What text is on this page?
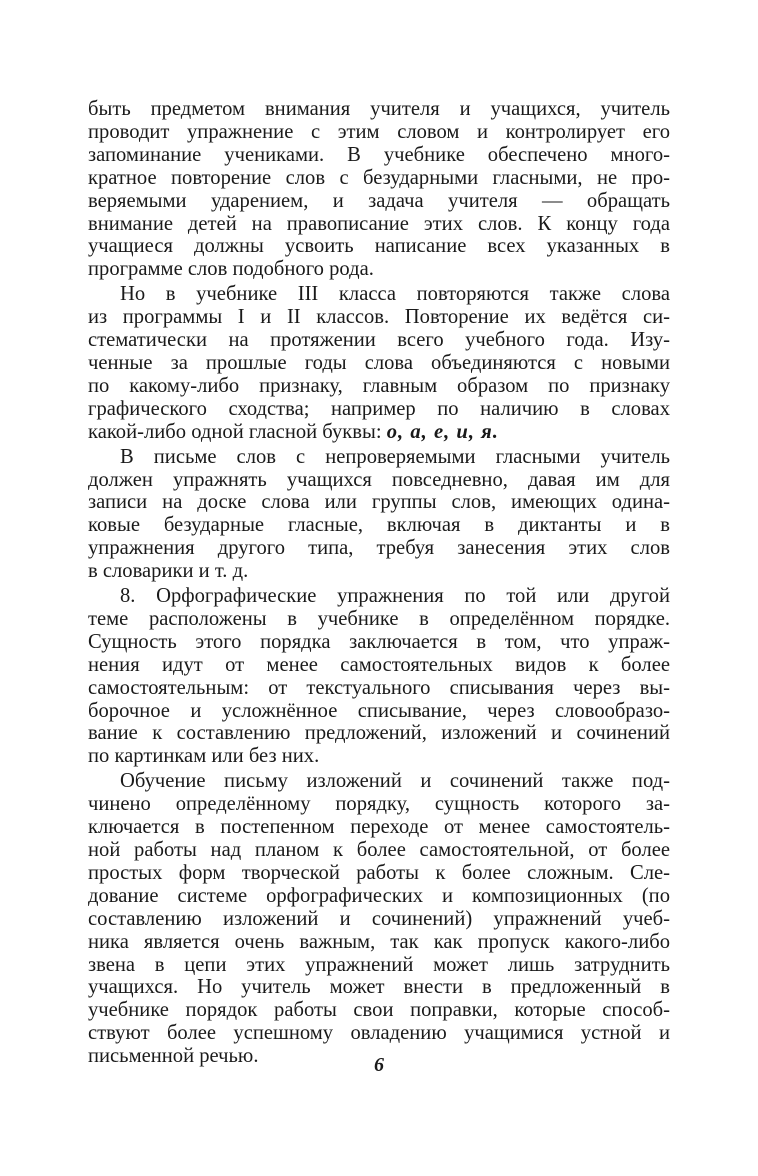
быть предметом внимания учителя и учащихся, учитель
проводит упражнение с этим словом и контролирует его
запоминание учениками. В учебнике обеспечено много-
кратное повторение слов с безударными гласными, не про-
веряемыми ударением, и задача учителя — обращать
внимание детей на правописание этих слов. К концу года
учащиеся должны усвоить написание всех указанных в
программе слов подобного рода.
Но в учебнике III класса повторяются также слова
из программы I и II классов. Повторение их ведётся си-
стематически на протяжении всего учебного года. Изу-
ченные за прошлые годы слова объединяются с новыми
по какому-либо признаку, главным образом по признаку
графического сходства; например по наличию в словах
какой-либо одной гласной буквы: о, а, е, и, я.
В письме слов с непроверяемыми гласными учитель
должен упражнять учащихся повседневно, давая им для
записи на доске слова или группы слов, имеющих одина-
ковые безударные гласные, включая в диктанты и в
упражнения другого типа, требуя занесения этих слов
в словарики и т. д.
8. Орфографические упражнения по той или другой
теме расположены в учебнике в определённом порядке.
Сущность этого порядка заключается в том, что упраж-
нения идут от менее самостоятельных видов к более
самостоятельным: от текстуального списывания через вы-
борочное и усложнённое списывание, через словообразо-
вание к составлению предложений, изложений и сочинений
по картинкам или без них.
Обучение письму изложений и сочинений также под-
чинено определённому порядку, сущность которого за-
ключается в постепенном переходе от менее самостоятель-
ной работы над планом к более самостоятельной, от более
простых форм творческой работы к более сложным. Сле-
дование системе орфографических и композиционных (по
составлению изложений и сочинений) упражнений учеб-
ника является очень важным, так как пропуск какого-либо
звена в цепи этих упражнений может лишь затруднить
учащихся. Но учитель может внести в предложенный в
учебнике порядок работы свои поправки, которые способ-
ствуют более успешному овладению учащимися устной и
письменной речью.	6
